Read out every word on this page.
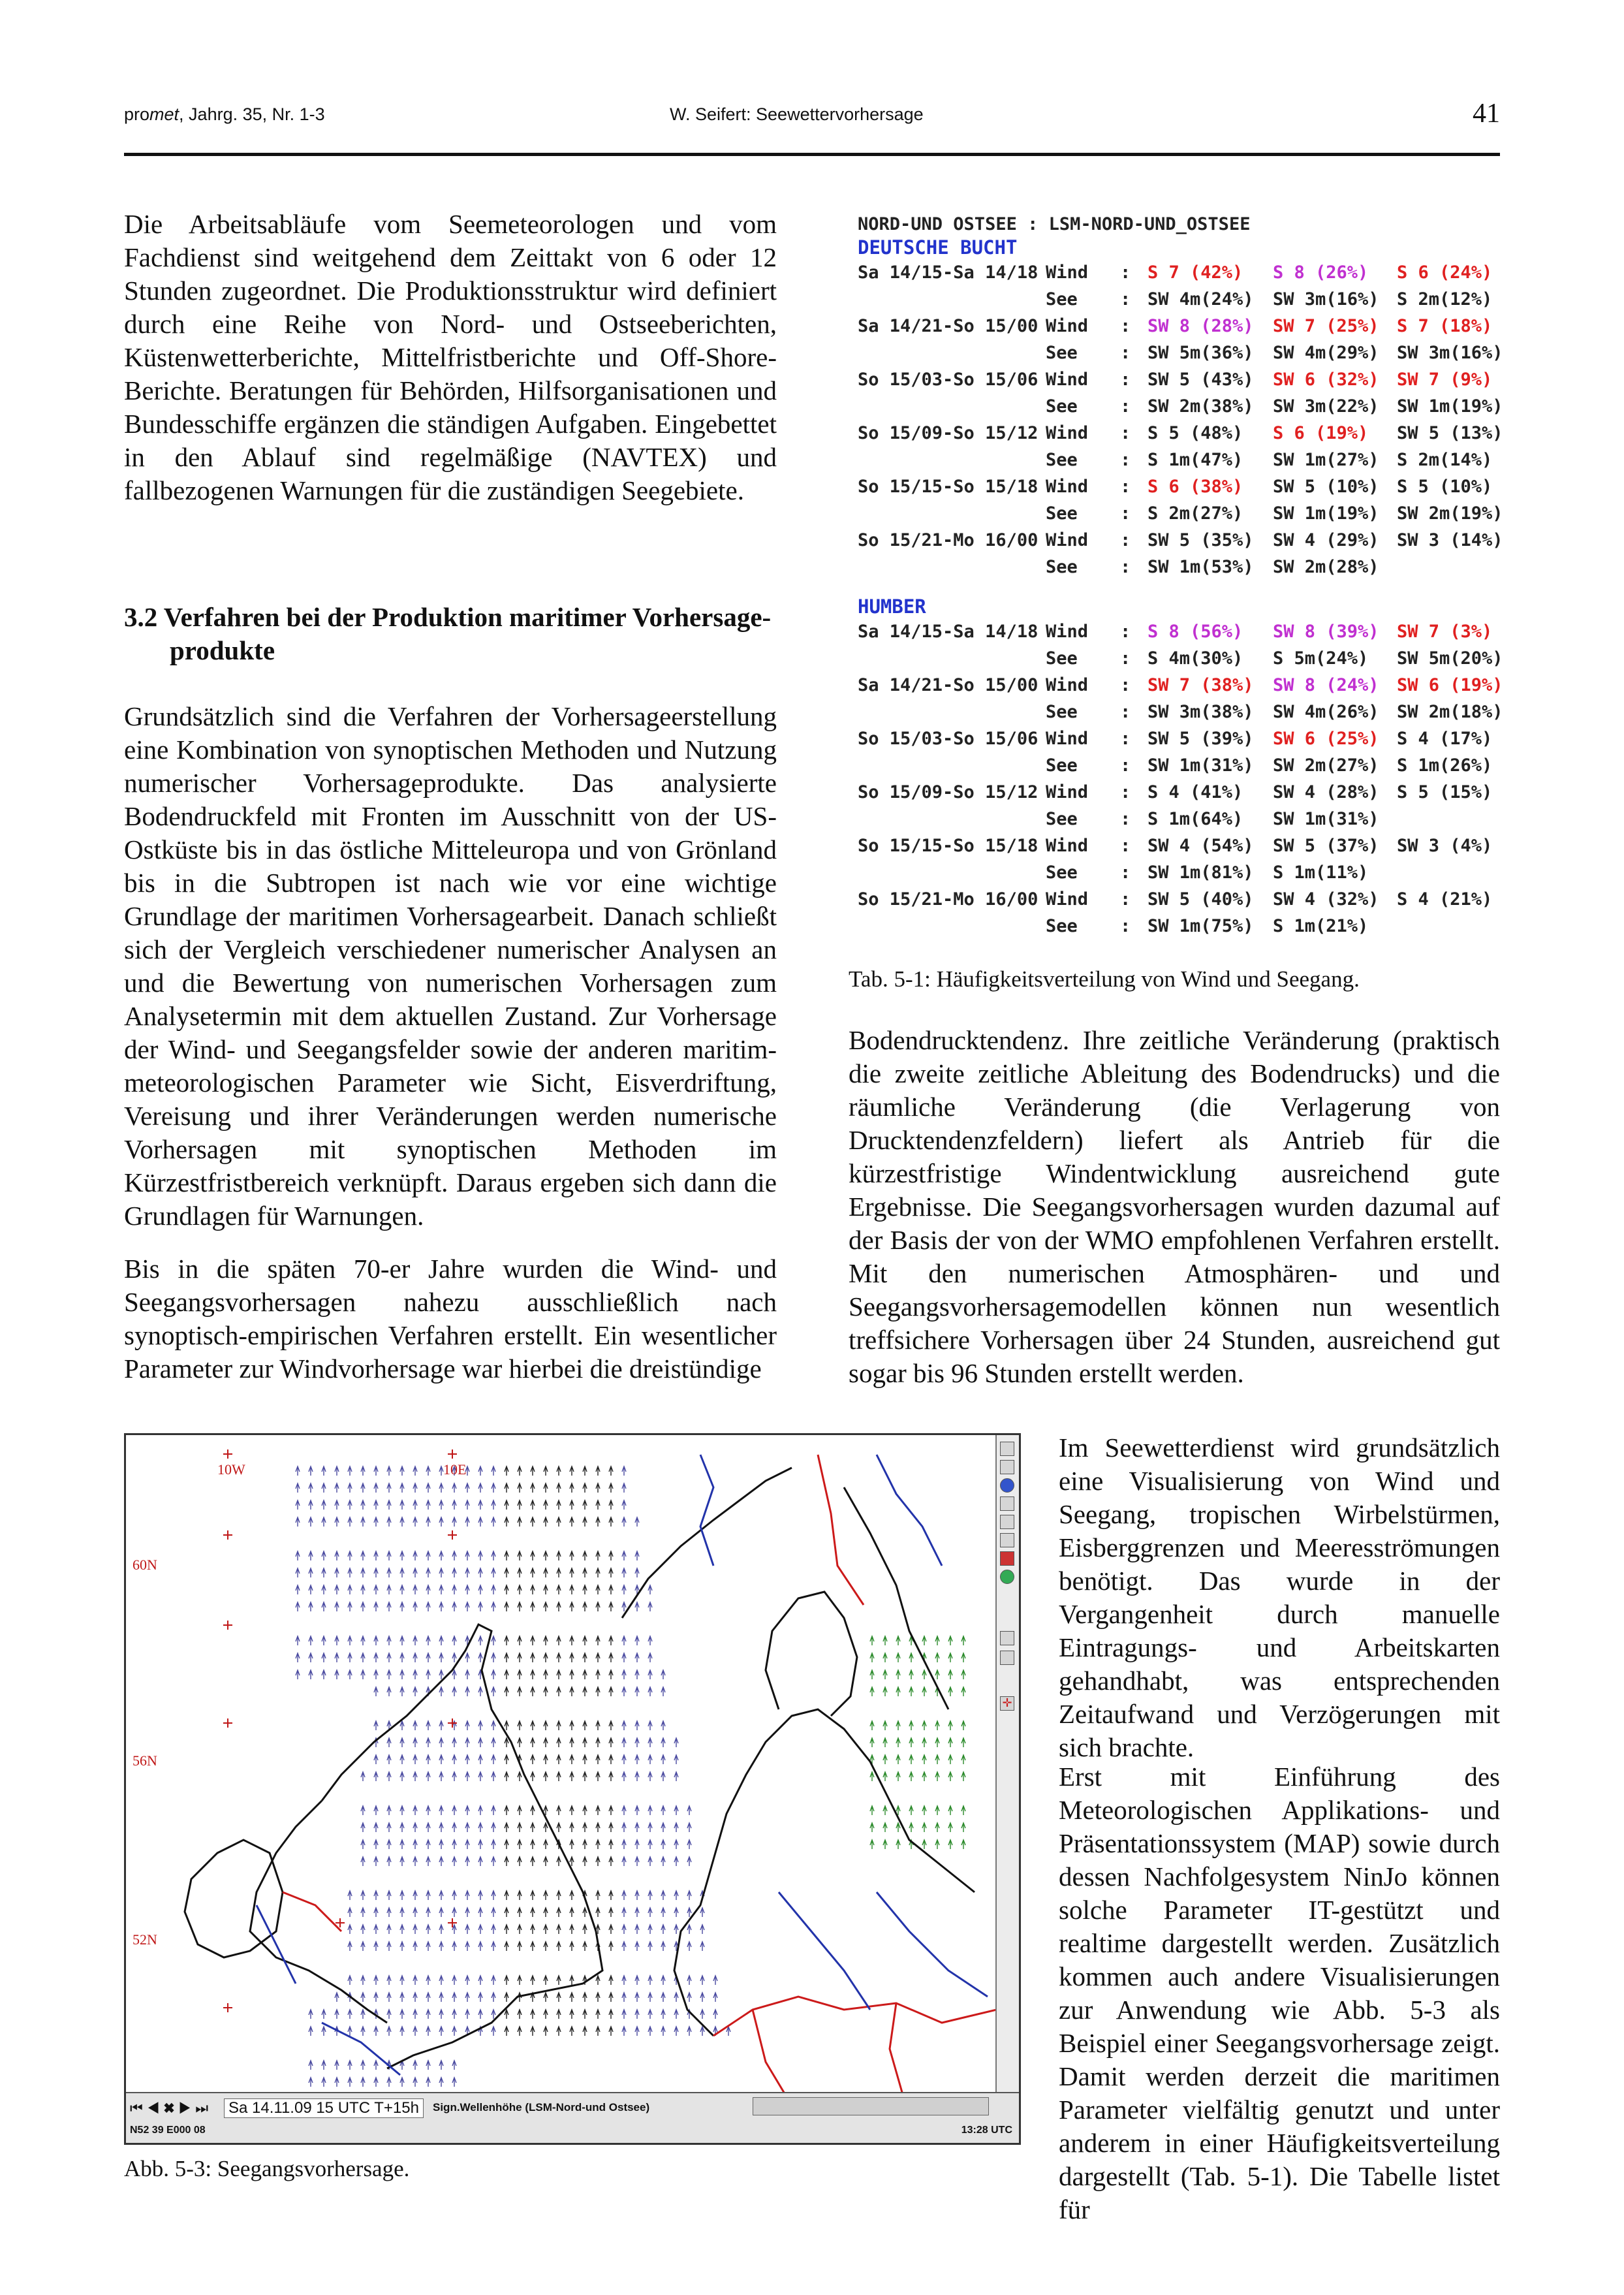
promet, Jahrg. 35, Nr. 1-3	W. Seifert: Seewettervorhersage	41

Die Arbeitsabläufe vom Seemeteorologen und vom Fachdienst sind weitgehend dem Zeittakt von 6 oder 12 Stunden zugeordnet. Die Produktionsstruktur wird definiert durch eine Reihe von Nord- und Ostseeberichten, Küstenwetterberichte, Mittelfristberichte und Off-Shore-Berichte. Beratungen für Behörden, Hilfsorganisationen und Bundesschiffe ergänzen die ständigen Aufgaben. Eingebettet in den Ablauf sind regelmäßige (NAVTEX) und fallbezogenen Warnungen für die zuständigen Seegebiete.

3.2 Verfahren bei der Produktion maritimer Vorhersage-
produkte

Grundsätzlich sind die Verfahren der Vorhersageerstellung eine Kombination von synoptischen Methoden und Nutzung numerischer Vorhersageprodukte. Das analysierte Bodendruckfeld mit Fronten im Ausschnitt von der US-Ostküste bis in das östliche Mitteleuropa und von Grönland bis in die Subtropen ist nach wie vor eine wichtige Grundlage der maritimen Vorhersagearbeit. Danach schließt sich der Vergleich verschiedener numerischer Analysen an und die Bewertung von numerischen Vorhersagen zum Analysetermin mit dem aktuellen Zustand. Zur Vorhersage der Wind- und Seegangsfelder sowie der anderen maritim-meteorologischen Parameter wie Sicht, Eisverdriftung, Vereisung und ihrer Veränderungen werden numerische Vorhersagen mit synoptischen Methoden im Kürzestfristbereich verknüpft. Daraus ergeben sich dann die Grundlagen für Warnungen.

Bis in die späten 70-er Jahre wurden die Wind- und Seegangsvorhersagen nahezu ausschließlich nach synoptisch-empirischen Verfahren erstellt. Ein wesentlicher Parameter zur Windvorhersage war hierbei die dreistündige

NORD-UND OSTSEE : LSM-NORD-UND_OSTSEE
DEUTSCHE BUCHT
Sa 14/15-Sa 14/18 Wind : S 7 (42%) S 8 (26%) S 6 (24%)
See : SW 4m(24%) SW 3m(16%) S 2m(12%)
Sa 14/21-So 15/00 Wind : SW 8 (28%) SW 7 (25%) S 7 (18%)
See : SW 5m(36%) SW 4m(29%) SW 3m(16%)
So 15/03-So 15/06 Wind : SW 5 (43%) SW 6 (32%) SW 7 (9%)
See : SW 2m(38%) SW 3m(22%) SW 1m(19%)
So 15/09-So 15/12 Wind : S 5 (48%) S 6 (19%) SW 5 (13%)
See : S 1m(47%) SW 1m(27%) S 2m(14%)
So 15/15-So 15/18 Wind : S 6 (38%) SW 5 (10%) S 5 (10%)
See : S 2m(27%) SW 1m(19%) SW 2m(19%)
So 15/21-Mo 16/00 Wind : SW 5 (35%) SW 4 (29%) SW 3 (14%)
See : SW 1m(53%) SW 2m(28%)
HUMBER
Sa 14/15-Sa 14/18 Wind : S 8 (56%) SW 8 (39%) SW 7 (3%)
See : S 4m(30%) S 5m(24%) SW 5m(20%)
Sa 14/21-So 15/00 Wind : SW 7 (38%) SW 8 (24%) SW 6 (19%)
See : SW 3m(38%) SW 4m(26%) SW 2m(18%)
So 15/03-So 15/06 Wind : SW 5 (39%) SW 6 (25%) S 4 (17%)
See : SW 1m(31%) SW 2m(27%) S 1m(26%)
So 15/09-So 15/12 Wind : S 4 (41%) SW 4 (28%) S 5 (15%)
See : S 1m(64%) SW 1m(31%)
So 15/15-So 15/18 Wind : SW 4 (54%) SW 5 (37%) SW 3 (4%)
See : SW 1m(81%) S 1m(11%)
So 15/21-Mo 16/00 Wind : SW 5 (40%) SW 4 (32%) S 4 (21%)
See : SW 1m(75%) S 1m(21%)
Tab. 5-1: Häufigkeitsverteilung von Wind und Seegang.

Bodendrucktendenz. Ihre zeitliche Veränderung (praktisch die zweite zeitliche Ableitung des Bodendrucks) und die räumliche Veränderung (die Verlagerung von Drucktendenzfeldern) liefert als Antrieb für die kürzestfristige Windentwicklung ausreichend gute Ergebnisse. Die Seegangsvorhersagen wurden dazumal auf der Basis der von der WMO empfohlenen Verfahren erstellt. Mit den numerischen Atmosphären- und und Seegangsvorhersagemodellen können nun wesentlich treffsichere Vorhersagen über 24 Stunden, ausreichend gut sogar bis 96 Stunden erstellt werden.

Im Seewetterdienst wird grundsätzlich eine Visualisierung von Wind und Seegang, tropischen Wirbelstürmen, Eisberggrenzen und Meeresströmungen benötigt. Das wurde in der Vergangenheit durch manuelle Eintragungs- und Arbeitskarten gehandhabt, was entsprechenden Zeitaufwand und Verzögerungen mit sich brachte.

Erst mit Einführung des Meteorologischen Applikations- und Präsentationssystem (MAP) sowie durch dessen Nachfolgesystem NinJo können solche Parameter IT-gestützt und realtime dargestellt werden. Zusätzlich kommen auch andere Visualisierungen zur Anwendung wie Abb. 5-3 als Beispiel einer Seegangsvorhersage zeigt. Damit werden derzeit die maritimen Parameter vielfältig genutzt und unter anderem in einer Häufigkeitsverteilung dargestellt (Tab. 5-1). Die Tabelle listet für

10W	10E
60N
56N
52N
✛
⏮ ◀ ✖ ▶ ⏭ Sa 14.11.09 15 UTC T+15h	Sign.Wellenhöhe (LSM-Nord-und Ostsee)
N52 39 E000 08	13:28 UTC
Abb. 5-3: Seegangsvorhersage.
